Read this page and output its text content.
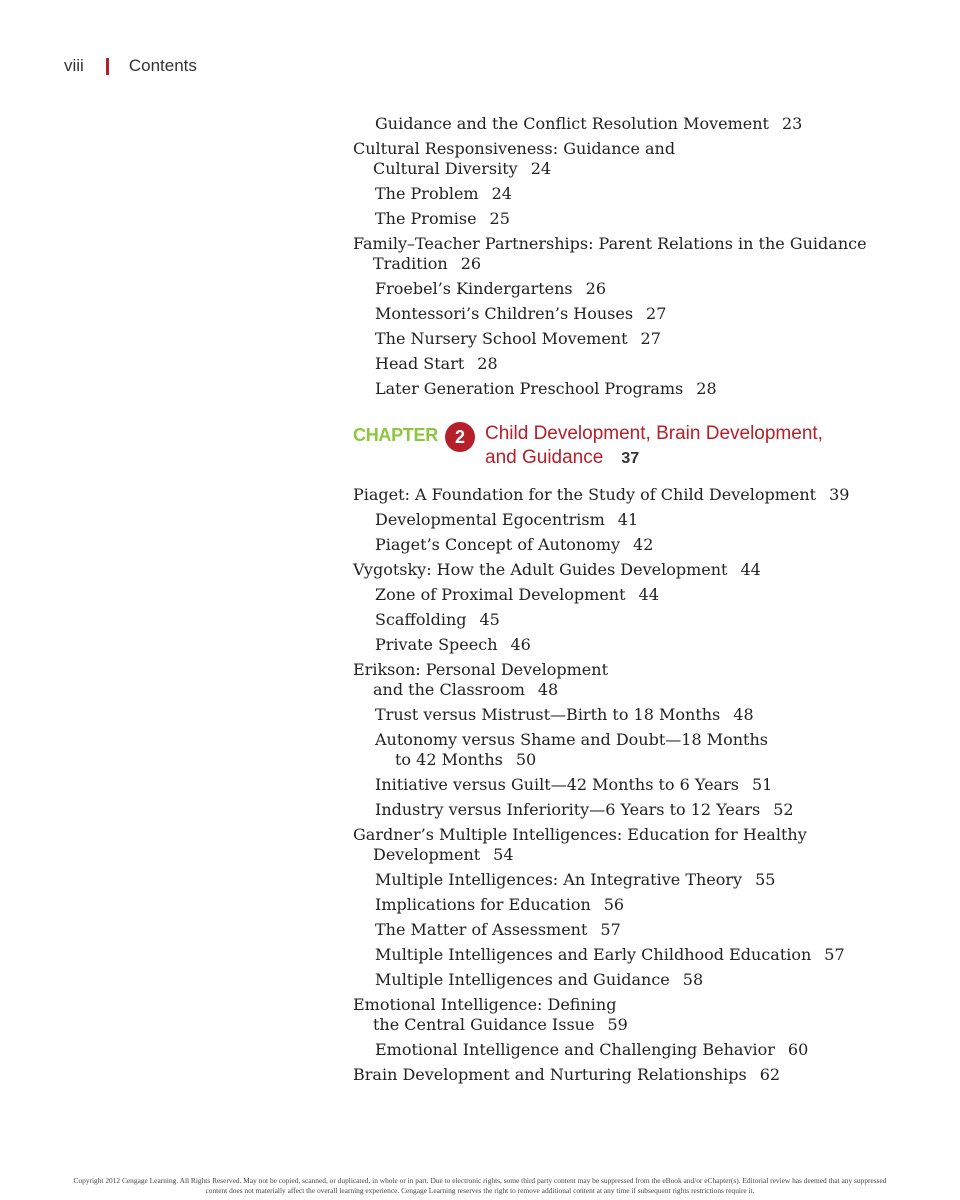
viii	Contents
Guidance and the Conflict Resolution Movement 23
Cultural Responsiveness: Guidance and
Cultural Diversity 24
The Problem 24
The Promise 25
Family–Teacher Partnerships: Parent Relations in the Guidance
Tradition 26
Froebel’s Kindergartens 26
Montessori’s Children’s Houses 27
The Nursery School Movement 27
Head Start 28
Later Generation Preschool Programs 28
CHAPTER 2	Child Development, Brain Development,
and Guidance 37
Piaget: A Foundation for the Study of Child Development 39
Developmental Egocentrism 41
Piaget’s Concept of Autonomy 42
Vygotsky: How the Adult Guides Development 44
Zone of Proximal Development 44
Scaffolding 45
Private Speech 46
Erikson: Personal Development
and the Classroom 48
Trust versus Mistrust—Birth to 18 Months 48
Autonomy versus Shame and Doubt—18 Months
to 42 Months 50
Initiative versus Guilt—42 Months to 6 Years 51
Industry versus Inferiority—6 Years to 12 Years 52
Gardner’s Multiple Intelligences: Education for Healthy
Development 54
Multiple Intelligences: An Integrative Theory 55
Implications for Education 56
The Matter of Assessment 57
Multiple Intelligences and Early Childhood Education 57
Multiple Intelligences and Guidance 58
Emotional Intelligence: Defining
the Central Guidance Issue 59
Emotional Intelligence and Challenging Behavior 60
Brain Development and Nurturing Relationships 62
Copyright 2012 Cengage Learning. All Rights Reserved. May not be copied, scanned, or duplicated, in whole or in part. Due to electronic rights, some third party content may be suppressed from the eBook and/or eChapter(s). Editorial review has deemed that any suppressed
content does not materially affect the overall learning experience. Cengage Learning reserves the right to remove additional content at any time if subsequent rights restrictions require it.
